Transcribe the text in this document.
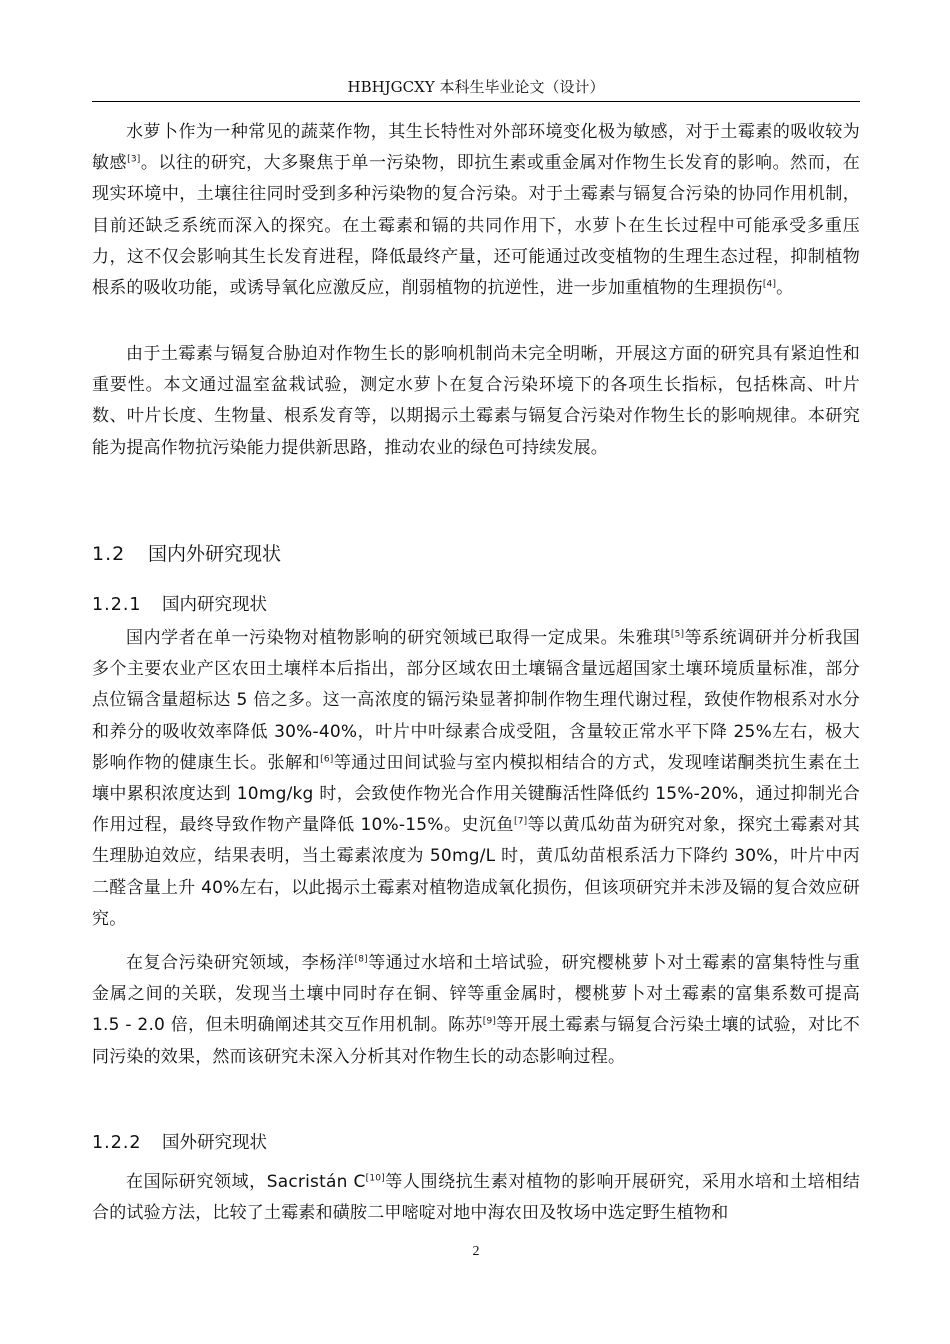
HBHJGCXY 本科生毕业论文（设计）

水萝卜作为一种常见的蔬菜作物，其生长特性对外部环境变化极为敏感，对于土霉素的吸收较为敏感[3]。以往的研究，大多聚焦于单一污染物，即抗生素或重金属对作物生长发育的影响。然而，在现实环境中，土壤往往同时受到多种污染物的复合污染。对于土霉素与镉复合污染的协同作用机制，目前还缺乏系统而深入的探究。在土霉素和镉的共同作用下，水萝卜在生长过程中可能承受多重压力，这不仅会影响其生长发育进程，降低最终产量，还可能通过改变植物的生理生态过程，抑制植物根系的吸收功能，或诱导氧化应激反应，削弱植物的抗逆性，进一步加重植物的生理损伤[4]。

由于土霉素与镉复合胁迫对作物生长的影响机制尚未完全明晰，开展这方面的研究具有紧迫性和重要性。本文通过温室盆栽试验，测定水萝卜在复合污染环境下的各项生长指标，包括株高、叶片数、叶片长度、生物量、根系发育等，以期揭示土霉素与镉复合污染对作物生长的影响规律。本研究能为提高作物抗污染能力提供新思路，推动农业的绿色可持续发展。

1.2 国内外研究现状
1.2.1 国内研究现状

国内学者在单一污染物对植物影响的研究领域已取得一定成果。朱雅琪[5]等系统调研并分析我国多个主要农业产区农田土壤样本后指出，部分区域农田土壤镉含量远超国家土壤环境质量标准，部分点位镉含量超标达 5 倍之多。这一高浓度的镉污染显著抑制作物生理代谢过程，致使作物根系对水分和养分的吸收效率降低 30%-40%，叶片中叶绿素合成受阻，含量较正常水平下降 25%左右，极大影响作物的健康生长。张解和[6]等通过田间试验与室内模拟相结合的方式，发现喹诺酮类抗生素在土壤中累积浓度达到 10mg/kg 时，会致使作物光合作用关键酶活性降低约 15%-20%，通过抑制光合作用过程，最终导致作物产量降低 10%-15%。史沉鱼[7]等以黄瓜幼苗为研究对象，探究土霉素对其生理胁迫效应，结果表明，当土霉素浓度为 50mg/L 时，黄瓜幼苗根系活力下降约 30%，叶片中丙二醛含量上升 40%左右，以此揭示土霉素对植物造成氧化损伤，但该项研究并未涉及镉的复合效应研究。

在复合污染研究领域，李杨洋[8]等通过水培和土培试验，研究樱桃萝卜对土霉素的富集特性与重金属之间的关联，发现当土壤中同时存在铜、锌等重金属时，樱桃萝卜对土霉素的富集系数可提高 1.5 - 2.0 倍，但未明确阐述其交互作用机制。陈苏[9]等开展土霉素与镉复合污染土壤的试验，对比不同污染的效果，然而该研究未深入分析其对作物生长的动态影响过程。

1.2.2 国外研究现状

在国际研究领域，Sacristán C[10]等人围绕抗生素对植物的影响开展研究，采用水培和土培相结合的试验方法，比较了土霉素和磺胺二甲嘧啶对地中海农田及牧场中选定野生植物和

2
